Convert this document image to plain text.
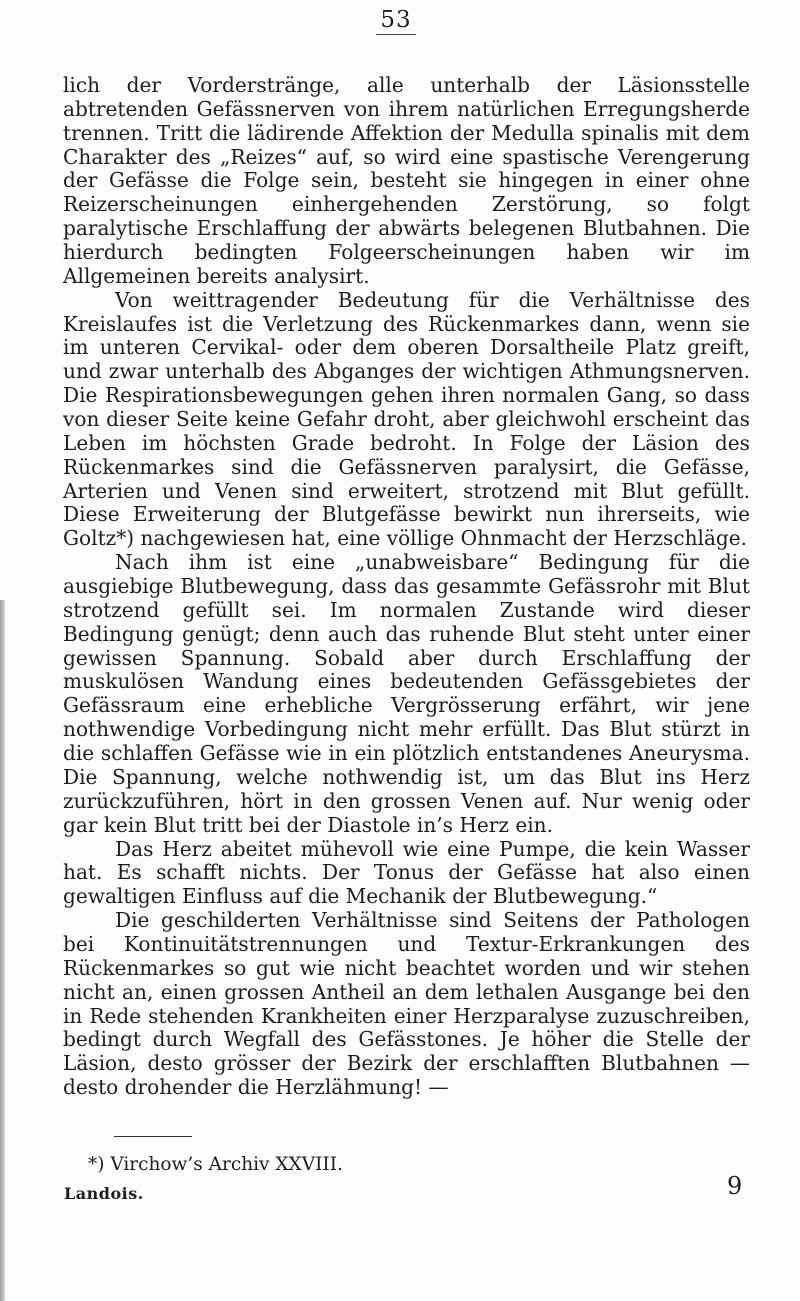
53

lich der Vorderstränge, alle unterhalb der Läsionsstelle abtretenden Gefässnerven von ihrem natürlichen Erregungsherde trennen. Tritt die lädirende Affektion der Medulla spinalis mit dem Charakter des „Reizes“ auf, so wird eine spastische Verengerung der Gefässe die Folge sein, besteht sie hingegen in einer ohne Reizerscheinungen einhergehenden Zerstörung, so folgt paralytische Erschlaffung der abwärts belegenen Blutbahnen. Die hierdurch bedingten Folgeerscheinungen haben wir im Allgemeinen bereits analysirt.

Von weittragender Bedeutung für die Verhältnisse des Kreislaufes ist die Verletzung des Rückenmarkes dann, wenn sie im unteren Cervikal- oder dem oberen Dorsaltheile Platz greift, und zwar unterhalb des Abganges der wichtigen Athmungsnerven. Die Respirationsbewegungen gehen ihren normalen Gang, so dass von dieser Seite keine Gefahr droht, aber gleichwohl erscheint das Leben im höchsten Grade bedroht. In Folge der Läsion des Rückenmarkes sind die Gefässnerven paralysirt, die Gefässe, Arterien und Venen sind erweitert, strotzend mit Blut gefüllt. Diese Erweiterung der Blutgefässe bewirkt nun ihrerseits, wie Goltz*) nachgewiesen hat, eine völlige Ohnmacht der Herzschläge.

Nach ihm ist eine „unabweisbare“ Bedingung für die ausgiebige Blutbewegung, dass das gesammte Gefässrohr mit Blut strotzend gefüllt sei. Im normalen Zustande wird dieser Bedingung genügt; denn auch das ruhende Blut steht unter einer gewissen Spannung. Sobald aber durch Erschlaffung der muskulösen Wandung eines bedeutenden Gefässgebietes der Gefässraum eine erhebliche Vergrösserung erfährt, wir jene nothwendige Vorbedingung nicht mehr erfüllt. Das Blut stürzt in die schlaffen Gefässe wie in ein plötzlich entstandenes Aneurysma. Die Spannung, welche nothwendig ist, um das Blut ins Herz zurückzuführen, hört in den grossen Venen auf. Nur wenig oder gar kein Blut tritt bei der Diastole in’s Herz ein.

Das Herz abeitet mühevoll wie eine Pumpe, die kein Wasser hat. Es schafft nichts. Der Tonus der Gefässe hat also einen gewaltigen Einfluss auf die Mechanik der Blutbewegung.“

Die geschilderten Verhältnisse sind Seitens der Pathologen bei Kontinuitätstrennungen und Textur-Erkrankungen des Rückenmarkes so gut wie nicht beachtet worden und wir stehen nicht an, einen grossen Antheil an dem lethalen Ausgange bei den in Rede stehenden Krankheiten einer Herzparalyse zuzuschreiben, bedingt durch Wegfall des Gefässtones. Je höher die Stelle der Läsion, desto grösser der Bezirk der erschlafften Blutbahnen — desto drohender die Herzlähmung! —

*) Virchow’s Archiv XXVIII.
Landois.	9
